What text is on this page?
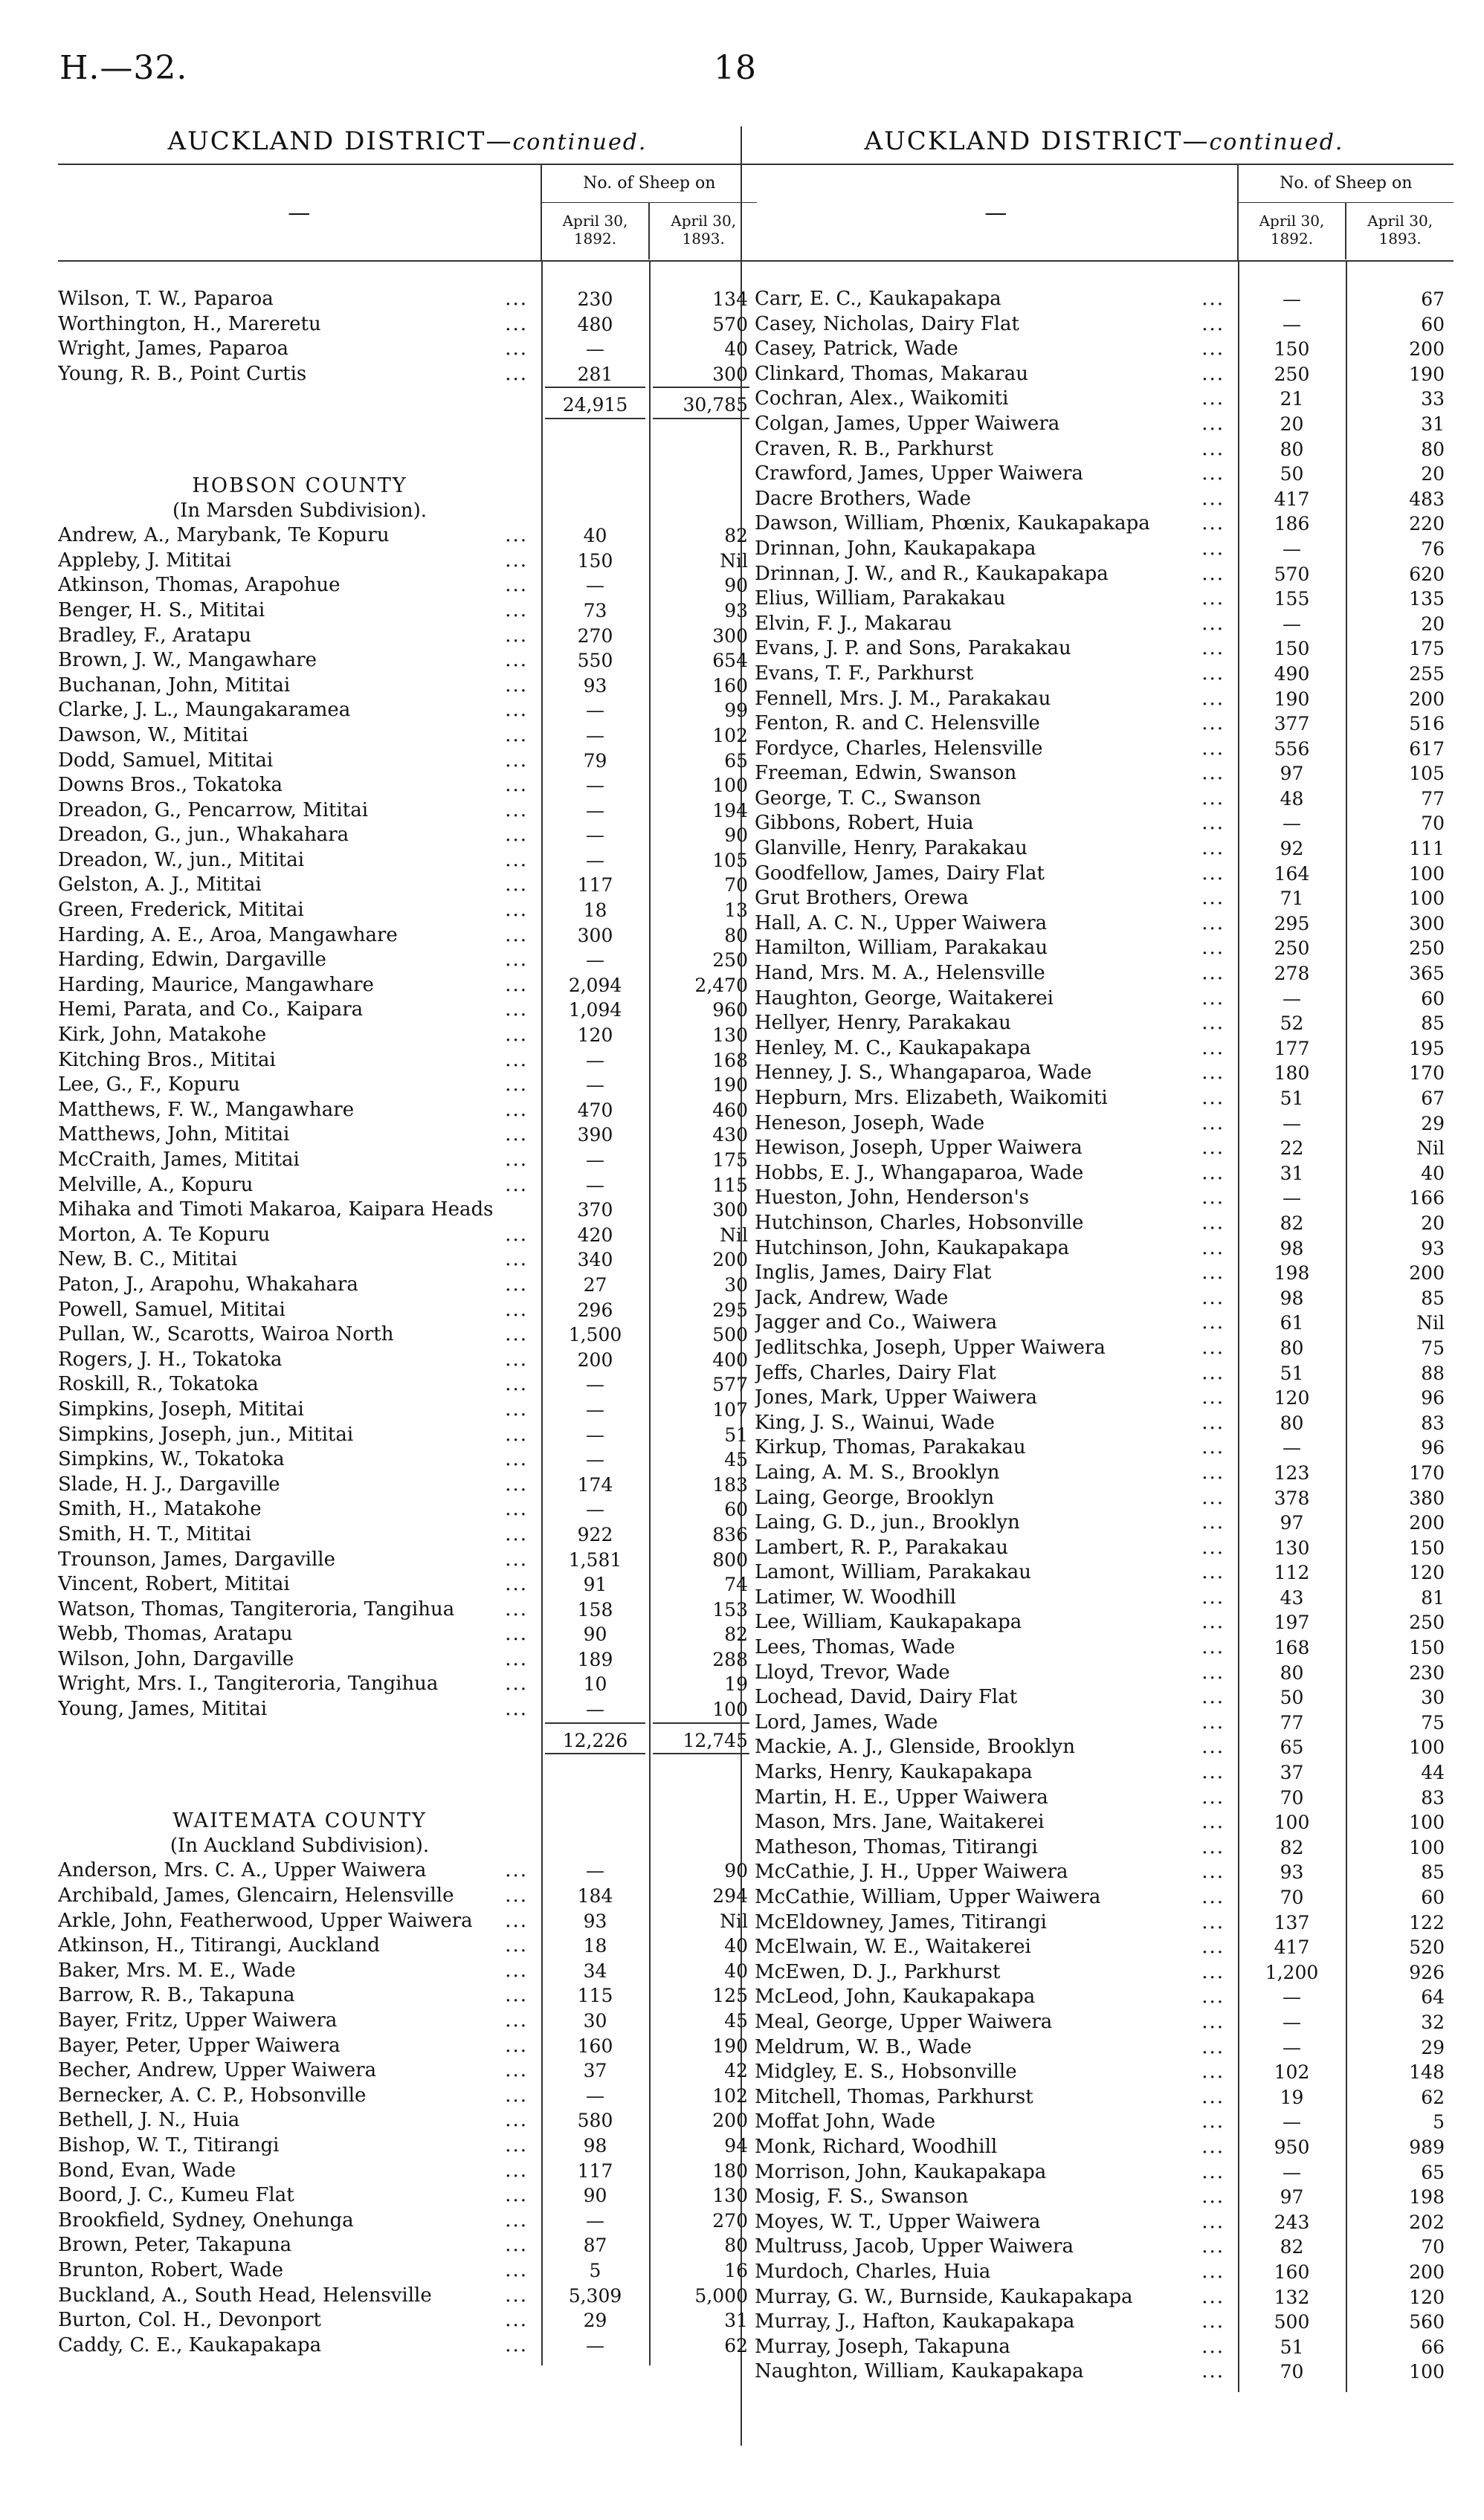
H.—32.	18
AUCKLAND DISTRICT—continued.
—
No. of Sheep on
April 30, 1892.
April 30, 1893.
Wilson, T. W., Paparoa ...	230	134
Worthington, H., Mareretu ...	480	570
Wright, James, Paparoa ...	—	40
Young, R. B., Point Curtis ...	281	300
24,915	30,785
HOBSON COUNTY
(In Marsden Subdivision).
Andrew, A., Marybank, Te Kopuru ...	40	82
Appleby, J. Mititai ...	150	Nil
Atkinson, Thomas, Arapohue ...	—	90
Benger, H. S., Mititai ...	73	93
Bradley, F., Aratapu ...	270	300
Brown, J. W., Mangawhare ...	550	654
Buchanan, John, Mititai ...	93	160
Clarke, J. L., Maungakaramea ...	—	99
Dawson, W., Mititai ...	—	102
Dodd, Samuel, Mititai ...	79	65
Downs Bros., Tokatoka ...	—	100
Dreadon, G., Pencarrow, Mititai ...	—	194
Dreadon, G., jun., Whakahara ...	—	90
Dreadon, W., jun., Mititai ...	—	105
Gelston, A. J., Mititai ...	117	70
Green, Frederick, Mititai ...	18	13
Harding, A. E., Aroa, Mangawhare ...	300	80
Harding, Edwin, Dargaville ...	—	250
Harding, Maurice, Mangawhare ...	2,094	2,470
Hemi, Parata, and Co., Kaipara ...	1,094	960
Kirk, John, Matakohe ...	120	130
Kitching Bros., Mititai ...	—	168
Lee, G., F., Kopuru ...	—	190
Matthews, F. W., Mangawhare ...	470	460
Matthews, John, Mititai ...	390	430
McCraith, James, Mititai ...	—	175
Melville, A., Kopuru ...	—	115
Mihaka and Timoti Makaroa, Kaipara Heads	370	300
Morton, A. Te Kopuru ...	420	Nil
New, B. C., Mititai ...	340	200
Paton, J., Arapohu, Whakahara ...	27	30
Powell, Samuel, Mititai ...	296	295
Pullan, W., Scarotts, Wairoa North ...	1,500	500
Rogers, J. H., Tokatoka ...	200	400
Roskill, R., Tokatoka ...	—	577
Simpkins, Joseph, Mititai ...	—	107
Simpkins, Joseph, jun., Mititai ...	—	51
Simpkins, W., Tokatoka ...	—	45
Slade, H. J., Dargaville ...	174	183
Smith, H., Matakohe ...	—	60
Smith, H. T., Mititai ...	922	836
Trounson, James, Dargaville ...	1,581	800
Vincent, Robert, Mititai ...	91	74
Watson, Thomas, Tangiteroria, Tangihua ...	158	153
Webb, Thomas, Aratapu ...	90	82
Wilson, John, Dargaville ...	189	288
Wright, Mrs. I., Tangiteroria, Tangihua ...	10	19
Young, James, Mititai ...	—	100
12,226	12,745
WAITEMATA COUNTY
(In Auckland Subdivision).
Anderson, Mrs. C. A., Upper Waiwera ...	—	90
Archibald, James, Glencairn, Helensville ...	184	294
Arkle, John, Featherwood, Upper Waiwera ...	93	Nil
Atkinson, H., Titirangi, Auckland ...	18	40
Baker, Mrs. M. E., Wade ...	34	40
Barrow, R. B., Takapuna ...	115	125
Bayer, Fritz, Upper Waiwera ...	30	45
Bayer, Peter, Upper Waiwera ...	160	190
Becher, Andrew, Upper Waiwera ...	37	42
Bernecker, A. C. P., Hobsonville ...	—	102
Bethell, J. N., Huia ...	580	200
Bishop, W. T., Titirangi ...	98	94
Bond, Evan, Wade ...	117	180
Boord, J. C., Kumeu Flat ...	90	130
Brookfield, Sydney, Onehunga ...	—	270
Brown, Peter, Takapuna ...	87	80
Brunton, Robert, Wade ...	5	16
Buckland, A., South Head, Helensville ...	5,309	5,000
Burton, Col. H., Devonport ...	29	31
Caddy, C. E., Kaukapakapa ...	—	62
AUCKLAND DISTRICT—continued.
—
No. of Sheep on
April 30, 1892.
April 30, 1893.
Carr, E. C., Kaukapakapa ...	—	67
Casey, Nicholas, Dairy Flat ...	—	60
Casey, Patrick, Wade ...	150	200
Clinkard, Thomas, Makarau ...	250	190
Cochran, Alex., Waikomiti ...	21	33
Colgan, James, Upper Waiwera ...	20	31
Craven, R. B., Parkhurst ...	80	80
Crawford, James, Upper Waiwera ...	50	20
Dacre Brothers, Wade ...	417	483
Dawson, William, Phœnix, Kaukapakapa ...	186	220
Drinnan, John, Kaukapakapa ...	—	76
Drinnan, J. W., and R., Kaukapakapa ...	570	620
Elius, William, Parakakau ...	155	135
Elvin, F. J., Makarau ...	—	20
Evans, J. P. and Sons, Parakakau ...	150	175
Evans, T. F., Parkhurst ...	490	255
Fennell, Mrs. J. M., Parakakau ...	190	200
Fenton, R. and C. Helensville ...	377	516
Fordyce, Charles, Helensville ...	556	617
Freeman, Edwin, Swanson ...	97	105
George, T. C., Swanson ...	48	77
Gibbons, Robert, Huia ...	—	70
Glanville, Henry, Parakakau ...	92	111
Goodfellow, James, Dairy Flat ...	164	100
Grut Brothers, Orewa ...	71	100
Hall, A. C. N., Upper Waiwera ...	295	300
Hamilton, William, Parakakau ...	250	250
Hand, Mrs. M. A., Helensville ...	278	365
Haughton, George, Waitakerei ...	—	60
Hellyer, Henry, Parakakau ...	52	85
Henley, M. C., Kaukapakapa ...	177	195
Henney, J. S., Whangaparoa, Wade ...	180	170
Hepburn, Mrs. Elizabeth, Waikomiti ...	51	67
Heneson, Joseph, Wade ...	—	29
Hewison, Joseph, Upper Waiwera ...	22	Nil
Hobbs, E. J., Whangaparoa, Wade ...	31	40
Hueston, John, Henderson's ...	—	166
Hutchinson, Charles, Hobsonville ...	82	20
Hutchinson, John, Kaukapakapa ...	98	93
Inglis, James, Dairy Flat ...	198	200
Jack, Andrew, Wade ...	98	85
Jagger and Co., Waiwera ...	61	Nil
Jedlitschka, Joseph, Upper Waiwera ...	80	75
Jeffs, Charles, Dairy Flat ...	51	88
Jones, Mark, Upper Waiwera ...	120	96
King, J. S., Wainui, Wade ...	80	83
Kirkup, Thomas, Parakakau ...	—	96
Laing, A. M. S., Brooklyn ...	123	170
Laing, George, Brooklyn ...	378	380
Laing, G. D., jun., Brooklyn ...	97	200
Lambert, R. P., Parakakau ...	130	150
Lamont, William, Parakakau ...	112	120
Latimer, W. Woodhill ...	43	81
Lee, William, Kaukapakapa ...	197	250
Lees, Thomas, Wade ...	168	150
Lloyd, Trevor, Wade ...	80	230
Lochead, David, Dairy Flat ...	50	30
Lord, James, Wade ...	77	75
Mackie, A. J., Glenside, Brooklyn ...	65	100
Marks, Henry, Kaukapakapa ...	37	44
Martin, H. E., Upper Waiwera ...	70	83
Mason, Mrs. Jane, Waitakerei ...	100	100
Matheson, Thomas, Titirangi ...	82	100
McCathie, J. H., Upper Waiwera ...	93	85
McCathie, William, Upper Waiwera ...	70	60
McEldowney, James, Titirangi ...	137	122
McElwain, W. E., Waitakerei ...	417	520
McEwen, D. J., Parkhurst ...	1,200	926
McLeod, John, Kaukapakapa ...	—	64
Meal, George, Upper Waiwera ...	—	32
Meldrum, W. B., Wade ...	—	29
Midgley, E. S., Hobsonville ...	102	148
Mitchell, Thomas, Parkhurst ...	19	62
Moffat John, Wade ...	—	5
Monk, Richard, Woodhill ...	950	989
Morrison, John, Kaukapakapa ...	—	65
Mosig, F. S., Swanson ...	97	198
Moyes, W. T., Upper Waiwera ...	243	202
Multruss, Jacob, Upper Waiwera ...	82	70
Murdoch, Charles, Huia ...	160	200
Murray, G. W., Burnside, Kaukapakapa ...	132	120
Murray, J., Hafton, Kaukapakapa ...	500	560
Murray, Joseph, Takapuna ...	51	66
Naughton, William, Kaukapakapa ...	70	100
